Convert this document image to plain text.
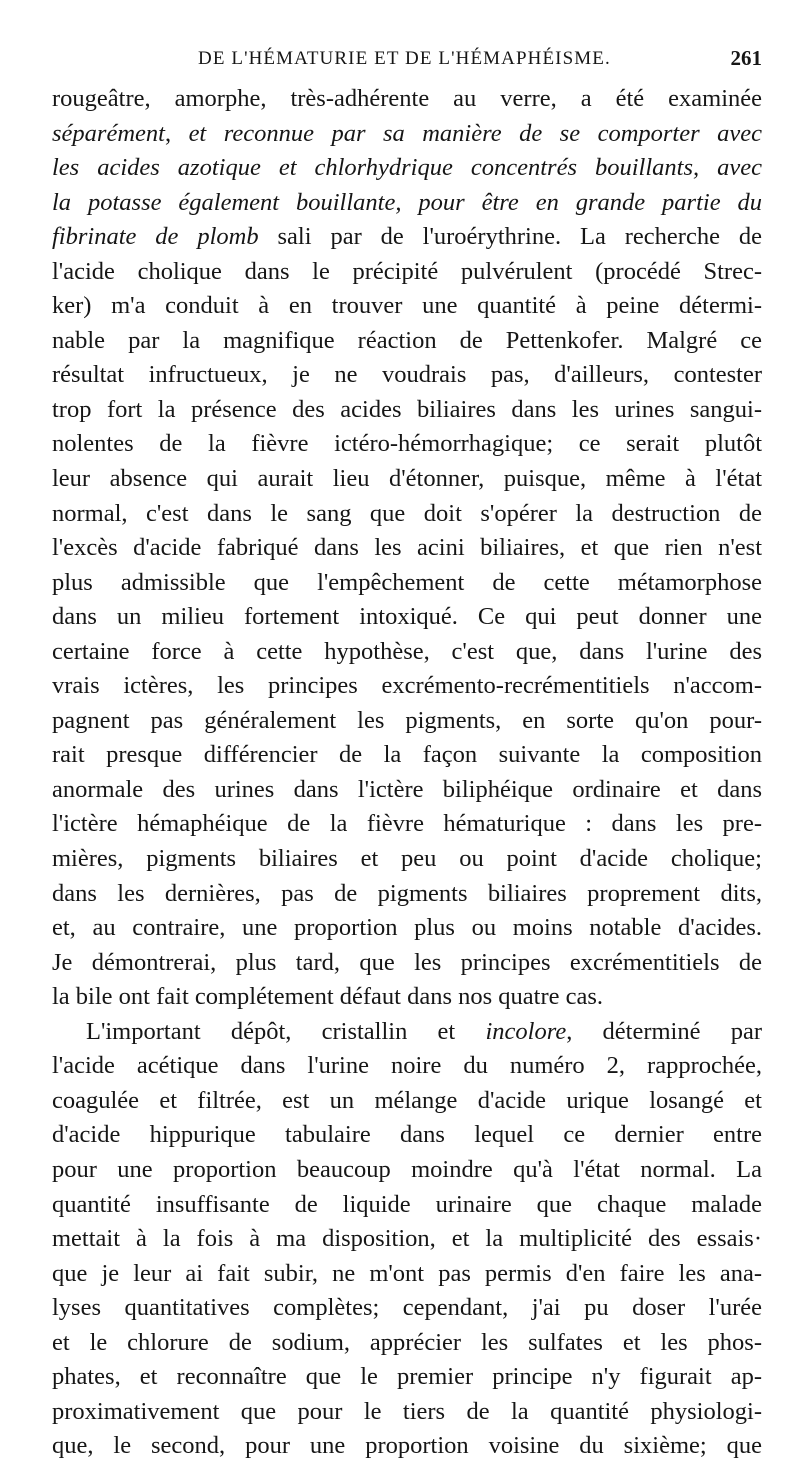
DE L'HÉMATURIE ET DE L'HÉMAPHÉISME.	261
rougeâtre, amorphe, très-adhérente au verre, a été examinée
séparément, et reconnue par sa manière de se comporter avec
les acides azotique et chlorhydrique concentrés bouillants, avec
la potasse également bouillante, pour être en grande partie du
fibrinate de plomb sali par de l'uroérythrine. La recherche de
l'acide cholique dans le précipité pulvérulent (procédé Strec-
ker) m'a conduit à en trouver une quantité à peine détermi-
nable par la magnifique réaction de Pettenkofer. Malgré ce
résultat infructueux, je ne voudrais pas, d'ailleurs, contester
trop fort la présence des acides biliaires dans les urines sangui-
nolentes de la fièvre ictéro-hémorrhagique; ce serait plutôt
leur absence qui aurait lieu d'étonner, puisque, même à l'état
normal, c'est dans le sang que doit s'opérer la destruction de
l'excès d'acide fabriqué dans les acini biliaires, et que rien n'est
plus admissible que l'empêchement de cette métamorphose
dans un milieu fortement intoxiqué. Ce qui peut donner une
certaine force à cette hypothèse, c'est que, dans l'urine des
vrais ictères, les principes excrémento-recrémentitiels n'accom-
pagnent pas généralement les pigments, en sorte qu'on pour-
rait presque différencier de la façon suivante la composition
anormale des urines dans l'ictère biliphéique ordinaire et dans
l'ictère hémaphéique de la fièvre hématurique : dans les pre-
mières, pigments biliaires et peu ou point d'acide cholique;
dans les dernières, pas de pigments biliaires proprement dits,
et, au contraire, une proportion plus ou moins notable d'acides.
Je démontrerai, plus tard, que les principes excrémentitiels de
la bile ont fait complétement défaut dans nos quatre cas.
L'important dépôt, cristallin et incolore, déterminé par
l'acide acétique dans l'urine noire du numéro 2, rapprochée,
coagulée et filtrée, est un mélange d'acide urique losangé et
d'acide hippurique tabulaire dans lequel ce dernier entre
pour une proportion beaucoup moindre qu'à l'état normal. La
quantité insuffisante de liquide urinaire que chaque malade
mettait à la fois à ma disposition, et la multiplicité des essais·
que je leur ai fait subir, ne m'ont pas permis d'en faire les ana-
lyses quantitatives complètes; cependant, j'ai pu doser l'urée
et le chlorure de sodium, apprécier les sulfates et les phos-
phates, et reconnaître que le premier principe n'y figurait ap-
proximativement que pour le tiers de la quantité physiologi-
que, le second, pour une proportion voisine du sixième; que
